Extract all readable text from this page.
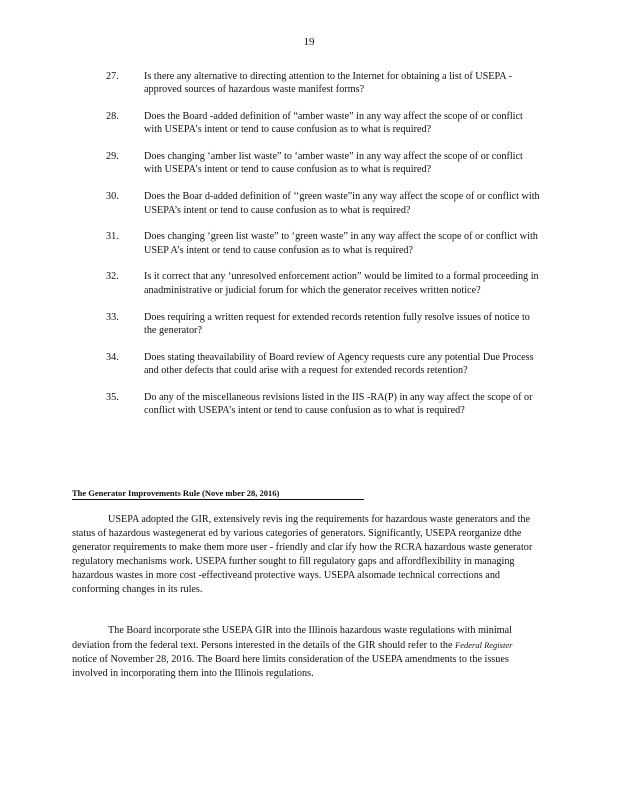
19
27.	Is there any alternative to directing attention to the Internet for obtaining a list of USEPA -approved sources of hazardous waste manifest forms?
28.	Does the Board -added definition of “amber waste” in any way affect the scope of or conflict with USEPA’s intent or tend to cause confusion as to what is required?
29.	Does changing ‘amber list waste” to ‘amber waste” in any way affect the scope of or conflict with USEPA’s intent or tend to cause confusion as to what is required?
30.	Does the Boar d-added definition of ‘‘green waste”in any way affect the scope of or conflict with USEPA’s intent or tend to cause confusion as to what is required?
31.	Does changing ‘green list waste” to ‘green waste” in any way affect the scope of or conflict with USEP A’s intent or tend to cause confusion as to what is required?
32.	Is it correct that any ‘unresolved enforcement action” would be limited to a formal proceeding in anadministrative or judicial forum for which the generator receives written notice?
33.	Does requiring a written request for extended records retention fully resolve issues of notice to the generator?
34.	Does stating theavailability of Board review of Agency requests cure any potential Due Process and other defects that could arise with a request for extended records retention?
35.	Do any of the miscellaneous revisions listed in the IIS -RA(P) in any way affect the scope of or conflict with USEPA’s intent or tend to cause confusion as to what is required?
The Generator Improvements Rule (Nove mber 28, 2016)
USEPA adopted the GIR, extensively revis ing the requirements for hazardous waste generators and the status of hazardous wastegenerat ed by various categories of generators. Significantly, USEPA reorganize dthe generator requirements to make them more user - friendly and clar ify how the RCRA hazardous waste generator regulatory mechanisms work. USEPA further sought to fill regulatory gaps and affordflexibility in managing hazardous wastes in more cost -effectiveand protective ways. USEPA alsomade technical corrections and conforming changes in its rules.
The Board incorporate sthe USEPA GIR into the Illinois hazardous waste regulations with minimal deviation from the federal text. Persons interested in the details of the GIR should refer to the Federal Register notice of November 28, 2016. The Board here limits consideration of the USEPA amendments to the issues involved in incorporating them into the Illinois regulations.
